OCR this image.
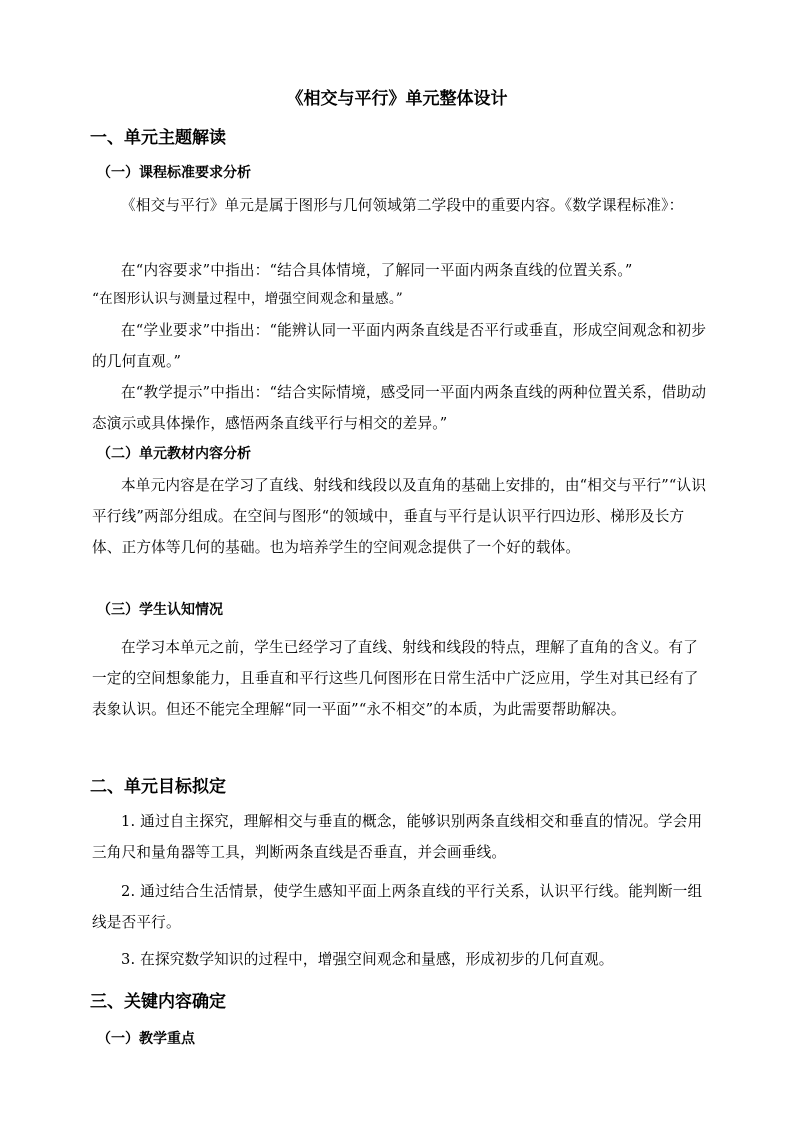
《相交与平行》单元整体设计
一、单元主题解读
（一）课程标准要求分析

《相交与平行》单元是属于图形与几何领域第二学段中的重要内容。《数学课程标准》：

在“内容要求”中指出：“结合具体情境，了解同一平面内两条直线的位置关系。”

“在图形认识与测量过程中，增强空间观念和量感。”

在“学业要求”中指出：“能辨认同一平面内两条直线是否平行或垂直，形成空间观念和初步的几何直观。”

在“教学提示”中指出：“结合实际情境，感受同一平面内两条直线的两种位置关系，借助动态演示或具体操作，感悟两条直线平行与相交的差异。”

（二）单元教材内容分析

本单元内容是在学习了直线、射线和线段以及直角的基础上安排的，由“相交与平行”“认识平行线”两部分组成。在空间与图形“的领域中，垂直与平行是认识平行四边形、梯形及长方体、正方体等几何的基础。也为培养学生的空间观念提供了一个好的载体。

（三）学生认知情况

在学习本单元之前，学生已经学习了直线、射线和线段的特点，理解了直角的含义。有了一定的空间想象能力，且垂直和平行这些几何图形在日常生活中广泛应用，学生对其已经有了表象认识。但还不能完全理解“同一平面”“永不相交”的本质，为此需要帮助解决。

二、单元目标拟定

1. 通过自主探究，理解相交与垂直的概念，能够识别两条直线相交和垂直的情况。学会用三角尺和量角器等工具，判断两条直线是否垂直，并会画垂线。

2. 通过结合生活情景，使学生感知平面上两条直线的平行关系，认识平行线。能判断一组线是否平行。

3. 在探究数学知识的过程中，增强空间观念和量感，形成初步的几何直观。

三、关键内容确定
（一）教学重点
